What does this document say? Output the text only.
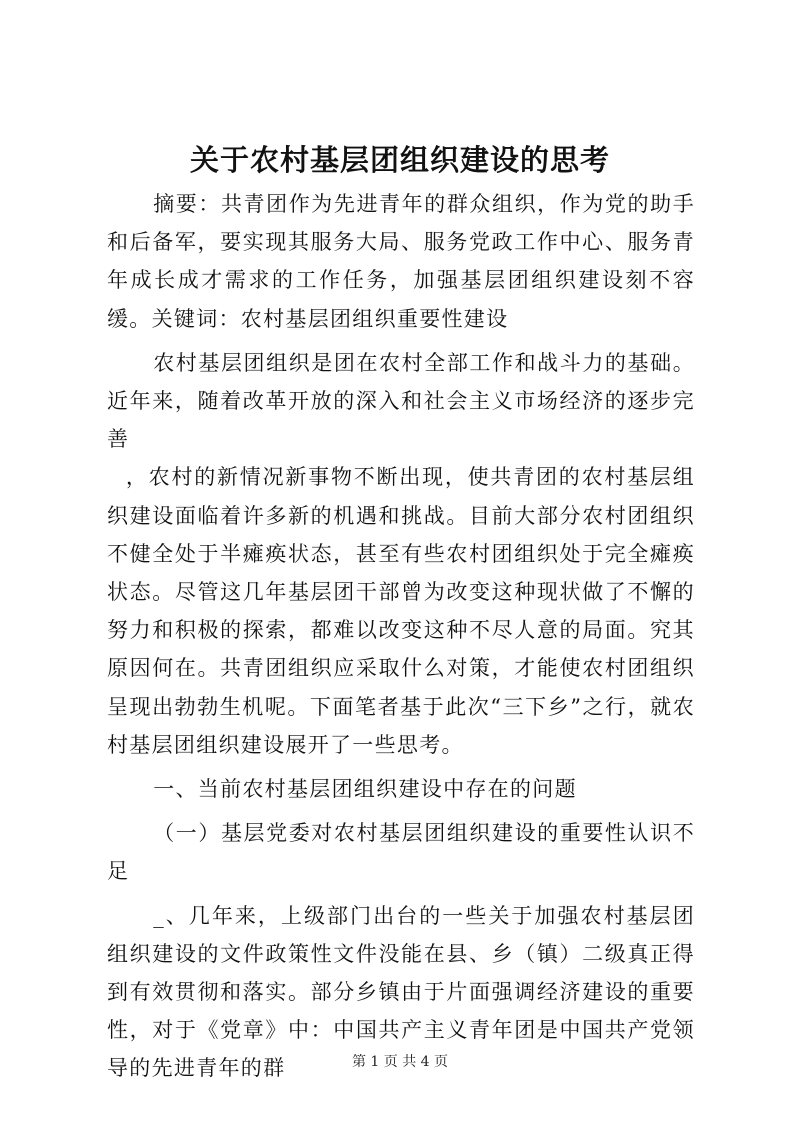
关于农村基层团组织建设的思考

摘要：共青团作为先进青年的群众组织，作为党的助手和后备军，要实现其服务大局、服务党政工作中心、服务青年成长成才需求的工作任务，加强基层团组织建设刻不容缓。关键词：农村基层团组织重要性建设

农村基层团组织是团在农村全部工作和战斗力的基础。近年来，随着改革开放的深入和社会主义市场经济的逐步完善

，农村的新情况新事物不断出现，使共青团的农村基层组织建设面临着许多新的机遇和挑战。目前大部分农村团组织不健全处于半瘫痪状态，甚至有些农村团组织处于完全瘫痪状态。尽管这几年基层团干部曾为改变这种现状做了不懈的努力和积极的探索，都难以改变这种不尽人意的局面。究其原因何在。共青团组织应采取什么对策，才能使农村团组织呈现出勃勃生机呢。下面笔者基于此次“三下乡”之行，就农村基层团组织建设展开了一些思考。

一、当前农村基层团组织建设中存在的问题

（一）基层党委对农村基层团组织建设的重要性认识不足

_、几年来，上级部门出台的一些关于加强农村基层团组织建设的文件政策性文件没能在县、乡（镇）二级真正得到有效贯彻和落实。部分乡镇由于片面强调经济建设的重要性，对于《党章》中：中国共产主义青年团是中国共产党领导的先进青年的群	第 1 页 共 4 页
